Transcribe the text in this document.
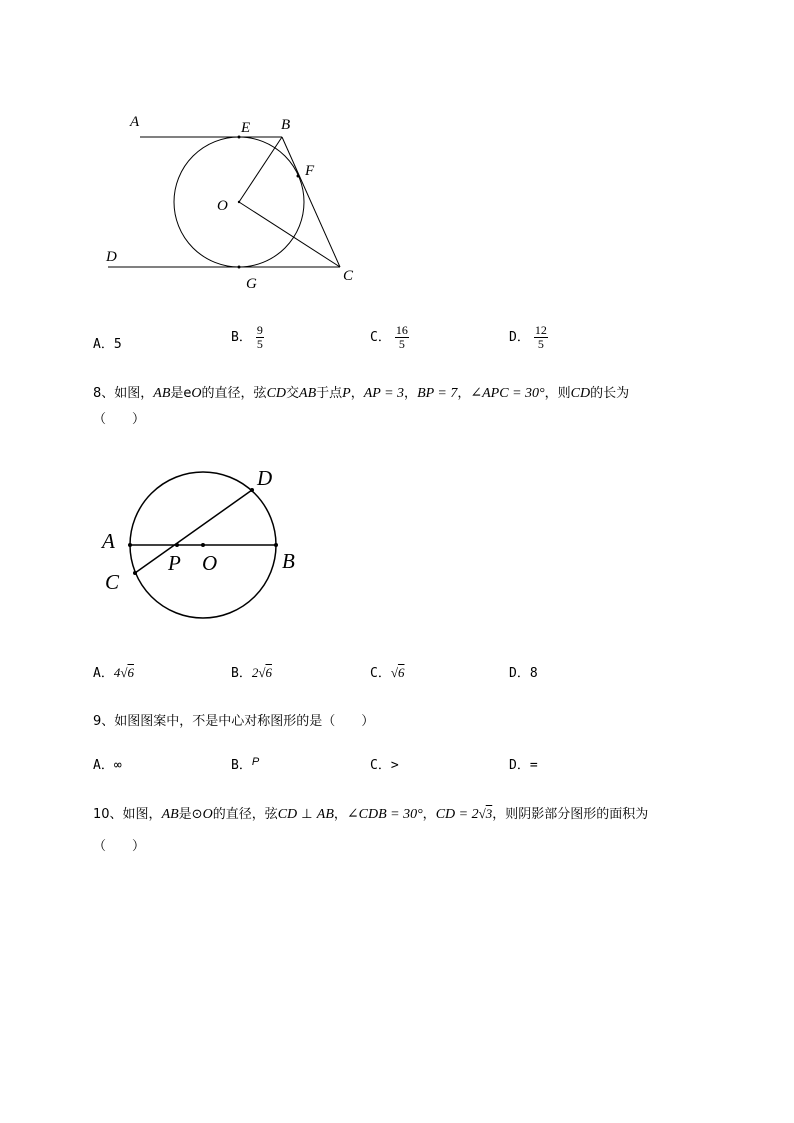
A	E B
F
O
D
G	C
A．5	B． $\frac{9}{5}$	C． $\frac{16}{5}$	D． $\frac{12}{5}$
8、如图，AB是eO的直径，弦CD交AB于点P，AP = 3，BP = 7，∠APC = 30°，则CD的长为
（　　）
A
B
C
D
P O
A．4√6	B．2√6	C．√6	D．8
9、如图图案中，不是中心对称图形的是（　　）
A．∞	B．$^P$	C．>	D．=
10、如图，AB是⊙O的直径，弦CD ⊥ AB，∠CDB = 30°，CD = 2√3，则阴影部分图形的面积为
（　　）
